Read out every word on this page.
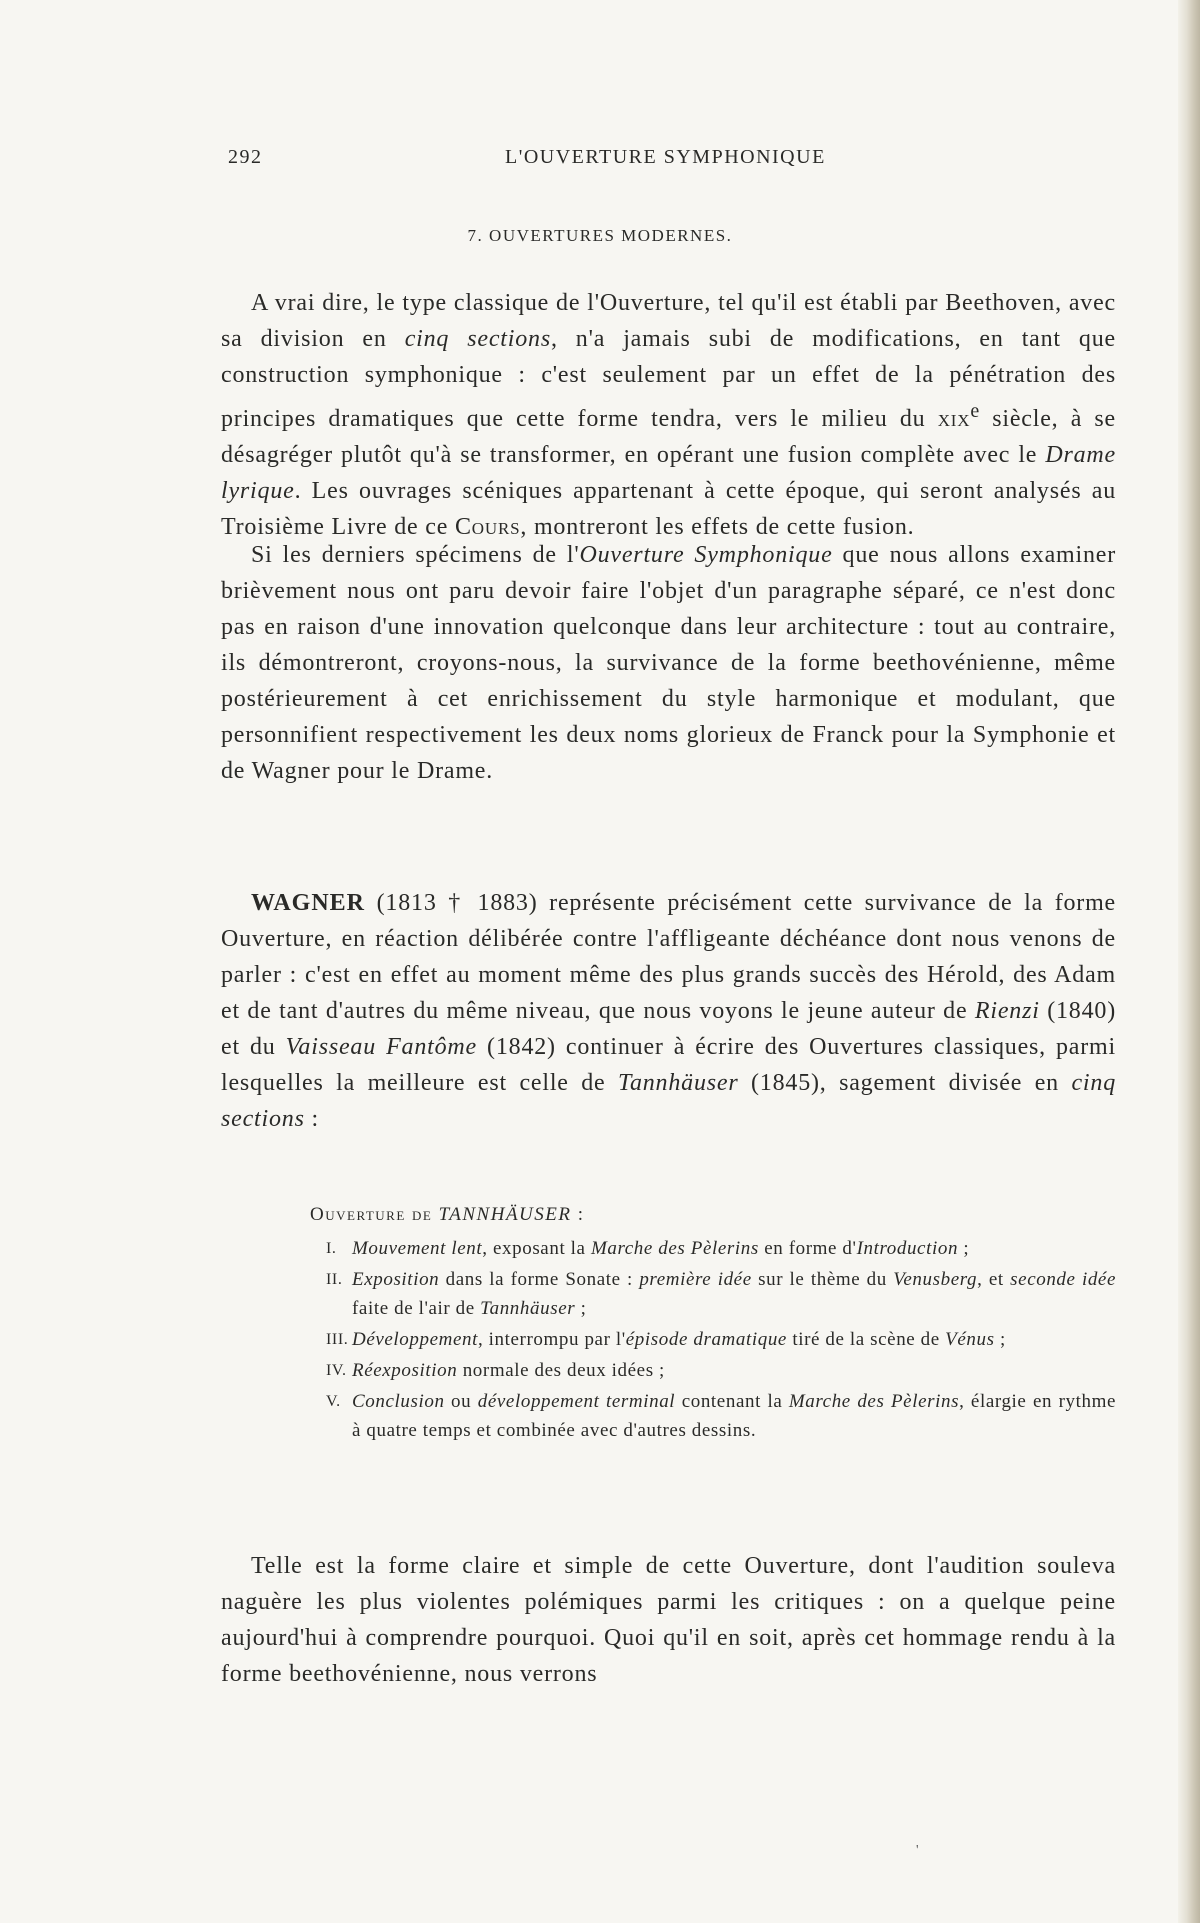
292	L'OUVERTURE SYMPHONIQUE
7. OUVERTURES MODERNES.

A vrai dire, le type classique de l'Ouverture, tel qu'il est établi par Beethoven, avec sa division en cinq sections, n'a jamais subi de modifications, en tant que construction symphonique : c'est seulement par un effet de la pénétration des principes dramatiques que cette forme tendra, vers le milieu du xix$^e$ siècle, à se désagréger plutôt qu'à se transformer, en opérant une fusion complète avec le Drame lyrique. Les ouvrages scéniques appartenant à cette époque, qui seront analysés au Troisième Livre de ce Cours, montreront les effets de cette fusion.

Si les derniers spécimens de l'Ouverture Symphonique que nous allons examiner brièvement nous ont paru devoir faire l'objet d'un paragraphe séparé, ce n'est donc pas en raison d'une innovation quelconque dans leur architecture : tout au contraire, ils démontreront, croyons-nous, la survivance de la forme beethovénienne, même postérieurement à cet enrichissement du style harmonique et modulant, que personnifient respectivement les deux noms glorieux de Franck pour la Symphonie et de Wagner pour le Drame.

WAGNER (1813 † 1883) représente précisément cette survivance de la forme Ouverture, en réaction délibérée contre l'affligeante déchéance dont nous venons de parler : c'est en effet au moment même des plus grands succès des Hérold, des Adam et de tant d'autres du même niveau, que nous voyons le jeune auteur de Rienzi (1840) et du Vaisseau Fantôme (1842) continuer à écrire des Ouvertures classiques, parmi lesquelles la meilleure est celle de Tannhäuser (1845), sagement divisée en cinq sections :

Ouverture de TANNHÄUSER :
I. Mouvement lent, exposant la Marche des Pèlerins en forme d'Introduction ;
II. Exposition dans la forme Sonate : première idée sur le thème du Venusberg, et seconde idée faite de l'air de Tannhäuser ;
III. Développement, interrompu par l'épisode dramatique tiré de la scène de Vénus ;
IV. Réexposition normale des deux idées ;
V. Conclusion ou développement terminal contenant la Marche des Pèlerins, élargie en rythme à quatre temps et combinée avec d'autres dessins.

Telle est la forme claire et simple de cette Ouverture, dont l'audition souleva naguère les plus violentes polémiques parmi les critiques : on a quelque peine aujourd'hui à comprendre pourquoi. Quoi qu'il en soit, après cet hommage rendu à la forme beethovénienne, nous verrons

'
